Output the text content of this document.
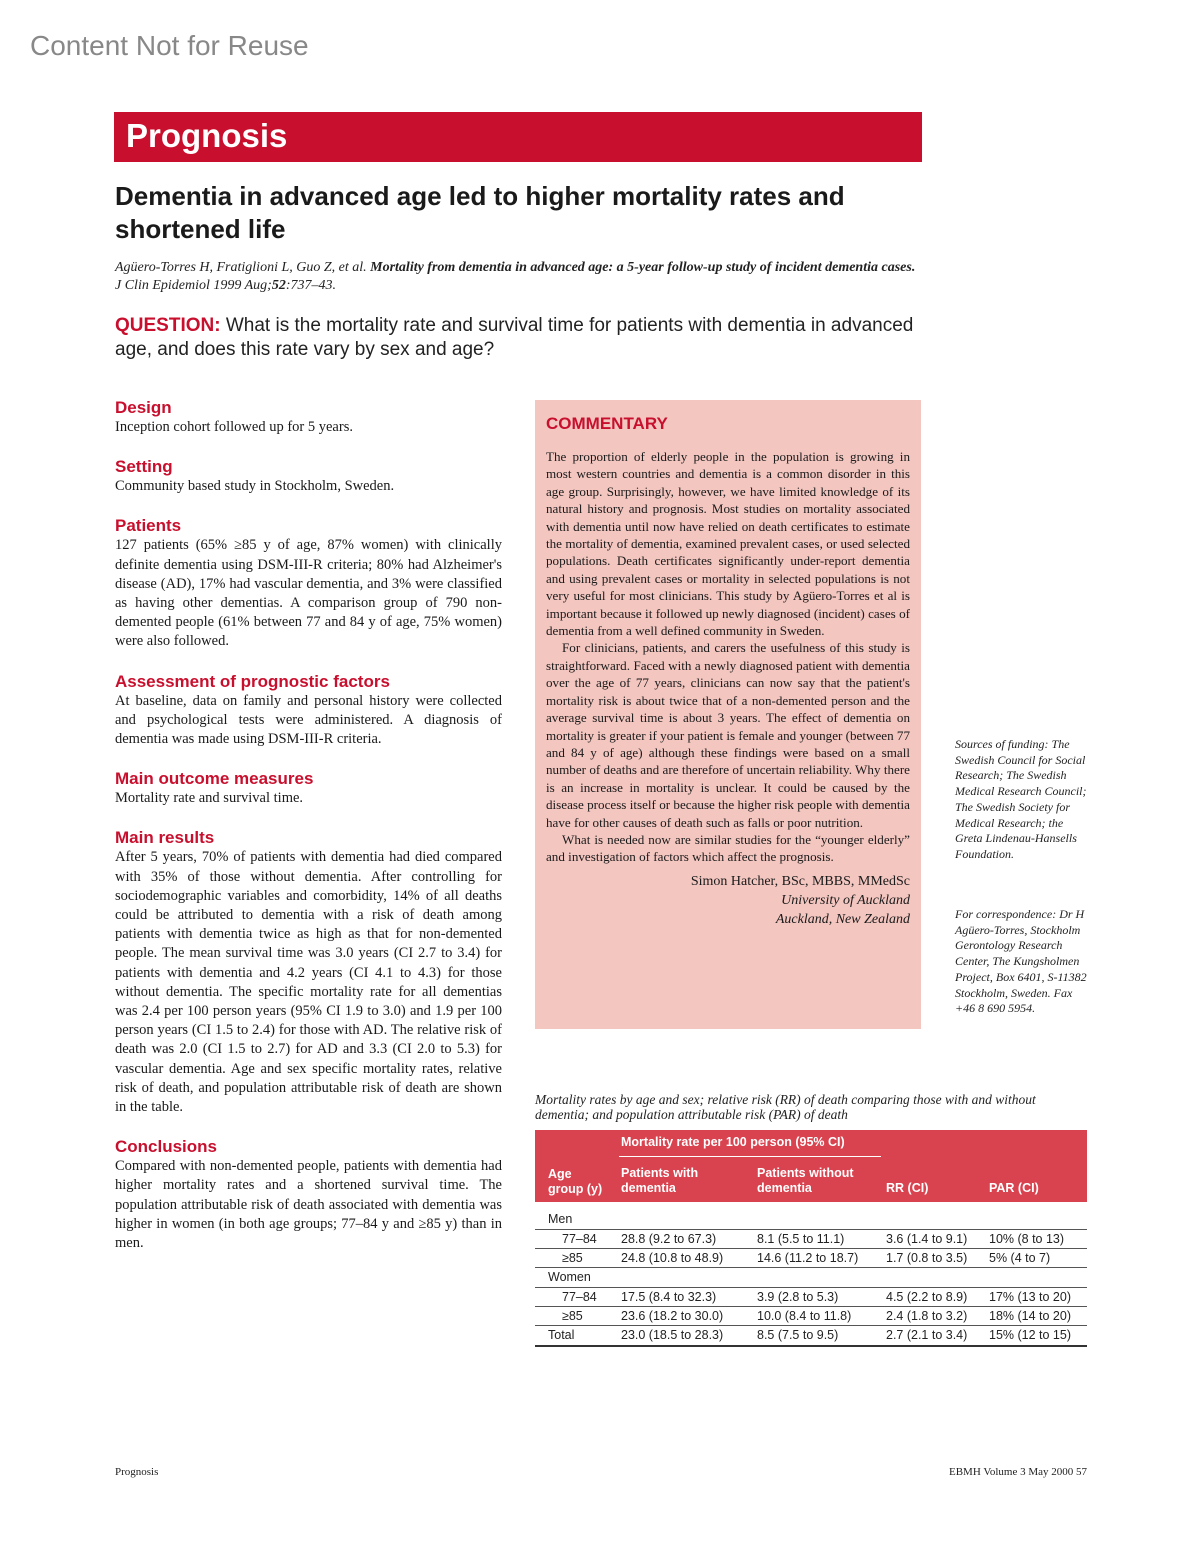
Content Not for Reuse
Prognosis
Dementia in advanced age led to higher mortality rates and shortened life

Agüero-Torres H, Fratiglioni L, Guo Z, et al. Mortality from dementia in advanced age: a 5-year follow-up study of incident dementia cases. J Clin Epidemiol 1999 Aug;52:737–43.

QUESTION: What is the mortality rate and survival time for patients with dementia in advanced age, and does this rate vary by sex and age?

Design

Inception cohort followed up for 5 years.

Setting

Community based study in Stockholm, Sweden.

Patients

127 patients (65% ≥85 y of age, 87% women) with clinically definite dementia using DSM-III-R criteria; 80% had Alzheimer's disease (AD), 17% had vascular dementia, and 3% were classified as having other dementias. A comparison group of 790 non-demented people (61% between 77 and 84 y of age, 75% women) were also followed.

Assessment of prognostic factors

At baseline, data on family and personal history were collected and psychological tests were administered. A diagnosis of dementia was made using DSM-III-R criteria.

Main outcome measures

Mortality rate and survival time.

Main results

After 5 years, 70% of patients with dementia had died compared with 35% of those without dementia. After controlling for sociodemographic variables and comorbidity, 14% of all deaths could be attributed to dementia with a risk of death among patients with dementia twice as high as that for non-demented people. The mean survival time was 3.0 years (CI 2.7 to 3.4) for patients with dementia and 4.2 years (CI 4.1 to 4.3) for those without dementia. The specific mortality rate for all dementias was 2.4 per 100 person years (95% CI 1.9 to 3.0) and 1.9 per 100 person years (CI 1.5 to 2.4) for those with AD. The relative risk of death was 2.0 (CI 1.5 to 2.7) for AD and 3.3 (CI 2.0 to 5.3) for vascular dementia. Age and sex specific mortality rates, relative risk of death, and population attributable risk of death are shown in the table.

Conclusions

Compared with non-demented people, patients with dementia had higher mortality rates and a shortened survival time. The population attributable risk of death associated with dementia was higher in women (in both age groups; 77–84 y and ≥85 y) than in men.

COMMENTARY

The proportion of elderly people in the population is growing in most western countries and dementia is a common disorder in this age group. Surprisingly, however, we have limited knowledge of its natural history and prognosis. Most studies on mortality associated with dementia until now have relied on death certificates to estimate the mortality of dementia, examined prevalent cases, or used selected populations. Death certificates significantly under-report dementia and using prevalent cases or mortality in selected populations is not very useful for most clinicians. This study by Agüero-Torres et al is important because it followed up newly diagnosed (incident) cases of dementia from a well defined community in Sweden.

For clinicians, patients, and carers the usefulness of this study is straightforward. Faced with a newly diagnosed patient with dementia over the age of 77 years, clinicians can now say that the patient's mortality risk is about twice that of a non-demented person and the average survival time is about 3 years. The effect of dementia on mortality is greater if your patient is female and younger (between 77 and 84 y of age) although these findings were based on a small number of deaths and are therefore of uncertain reliability. Why there is an increase in mortality is unclear. It could be caused by the disease process itself or because the higher risk people with dementia have for other causes of death such as falls or poor nutrition.

What is needed now are similar studies for the “younger elderly” and investigation of factors which affect the prognosis.

Simon Hatcher, BSc, MBBS, MMedSc
University of Auckland
Auckland, New Zealand

Sources of funding: The Swedish Council for Social Research; The Swedish Medical Research Council; The Swedish Society for Medical Research; the Greta Lindenau-Hansells Foundation.

For correspondence: Dr H Agüero-Torres, Stockholm Gerontology Research Center, The Kungsholmen Project, Box 6401, S-11382 Stockholm, Sweden. Fax +46 8 690 5954.

Mortality rates by age and sex; relative risk (RR) of death comparing those with and without dementia; and population attributable risk (PAR) of death

Mortality rate per 100 person (95% CI)
Age
group (y)
Patients with
dementia
Patients without
dementia	RR (CI)	PAR (CI)
Men
77–84 28.8 (9.2 to 67.3)	8.1 (5.5 to 11.1)	3.6 (1.4 to 9.1) 10% (8 to 13)
≥85	24.8 (10.8 to 48.9)	14.6 (11.2 to 18.7) 1.7 (0.8 to 3.5) 5% (4 to 7)
Women
77–84 17.5 (8.4 to 32.3)	3.9 (2.8 to 5.3)	4.5 (2.2 to 8.9) 17% (13 to 20)
≥85	23.6 (18.2 to 30.0)	10.0 (8.4 to 11.8)	2.4 (1.8 to 3.2) 18% (14 to 20)
Total	23.0 (18.5 to 28.3)	8.5 (7.5 to 9.5)	2.7 (2.1 to 3.4) 15% (12 to 15)
Prognosis	EBMH Volume 3 May 2000 57
